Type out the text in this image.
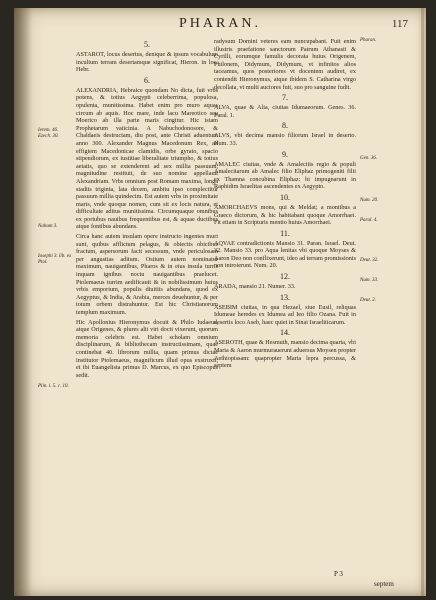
PHARAN.	117
Ierem. 46. Ezech. 30.
Nahum 3.
Iosephi 3. lib. ex Ptol.
Plin. l. 5. c. 10.
5.

ASTAROT, locus desertus, denique & ipsum vocabulum incultum terram desertamque significat, Hieron. in loc. Hebr.

6.

ALEXANDRIA, Hebraice quondam No dicta, fuit vrbs potens, & totius Aegypti celeberrima, populosa, opulenta, munitissima. Habet enim pro muro aquas circum ab aquis. Hoc mare, inde lacu Mareotico seu Moerico ab illa parte maris cingitur. Hic istam Prophetarum vaticinia. A Nabuchodonosore, & Chaldaeis destructam, diu post, ante Christi aduentum anno 300. Alexander Magnus Macedonum Rex, ad effigiem Macedonicae clamidis, orbe gyrato, spacio stipendiorum, ex iustitiae liberalitate triumpho, & totius aetatis, quo se extenderent ad sex millia passuum, magnitudine restituit, de suo nomine appellauit Alexandriam. Vrbs omnium post Romam maxima, longa stadiis triginta, lata decem, ambitu ipso complectitur passuum millia quindecim. Est autem vrbs in proximitate maris, vnde quoque nomen, cum sit ex locis natura, et difficultate aditus munitissima. Circumquaque omnibus ex portubus nauibus frequentibus est, & aquae ductibus atque fontibus abundans.

Circa hanc autem insulam opere instructo ingentes muri sunt, quibus afflictum pelagus, & obiectis obicibus fractum, aspersorum facit secessum, vnde periculosam per angustias aditum. Ostium autem nominatur maximum, nauigantibus, Pharos & in eius insula turris inquam ignibus noctu nauigantibus praelucet. Ptolemaeus turrim aedificauit & in nobilissimum huius vrbis emporium, populis diuitiis abundans, quod ex Aegyptus, & India, & Arabia, merces deuehuntur, & per totum orbem distrahuntur. Est hic Christianorum templum maximum.

Hic Apollonius Hieronymus docuit & Philo Iudaeus, atque Origenes, & plures alii viri docti vixerunt, quorum memoria celebris est. Habet scholam omnium disciplinarum, & bibliothecam instructissimam, quae continebat 40. librorum millia, quam primus dictae institutor Ptolemaeus, magnificum illud opus exstruxit, et ibi Euangelista primus D. Marcus, ex quo Episcopus sedit.

radysum Domini veteres eam nuncupabant. Fuit enim illustris praefatione sanctorum Patrum Athanasii & Cyrilli, eorumque famulis decorata huius Origenem, Philonem, Didymum, Didymum, vt infinitos alios taceamus, quos posteriores vt docentem audiret, ex contendit Hieronymus, atque ibidem S. Catharina virgo decollata, vt multi auctores fuit, suo pro sanguine fudit.

7.

ALVA, quae & Alia, ciuitas Idumaeorum. Genes. 36. Paral. 1.

8.

ALVS, vbi decima mansio filiorum Israel in deserto. Num. 33.

9.

AMALEC ciuitas, vnde & Amalecitis regio & populi Amalecitarum ab Amalec filio Eliphaz primogeniti filii ex Thamna concubina Eliphaz: hi impugnarunt in Raphidim Israelitas ascendentes ex Aegypto.

10.

AMORCHAEVS mons, qui & Meldat; a montibus a Graeco dictorum, & hic habitabant quoque Amorrhaei. Fit etiam in Scripturis mentio huius Amorrhaei.

11.

AQVAE contradictionis Mansio 31. Paran. Israel. Deut. 32. Mansio 33. pro Aqua lenitas vbi quoque Moyses & Aaron Deo non conflixerunt, ideo ad terram promissionis non introierunt. Num. 20.

12.

ARADA, mansio 21. Numer. 33.

13.

ASEBIM ciuitas, in qua Hezael, siue Eusil, reliquas Idumeae heredes ex Idumea ad Ieo filio Ozana. Fuit in desertis loco Aseb, haec quiet in Sinai Israeliticarum.

14.

ASEROTH, quae & Hesmuth, mansio decima quarta, vbi Maria & Aaron murmurauerunt aduersus Moysen propter Aethiopissam: quapropter Maria lepra percussa, & septem

Pharan.
Gen. 36.
Num. 20.
Paral. 4.
Deut. 32.
Num. 33.
Deut. 2.
P 3
septem
